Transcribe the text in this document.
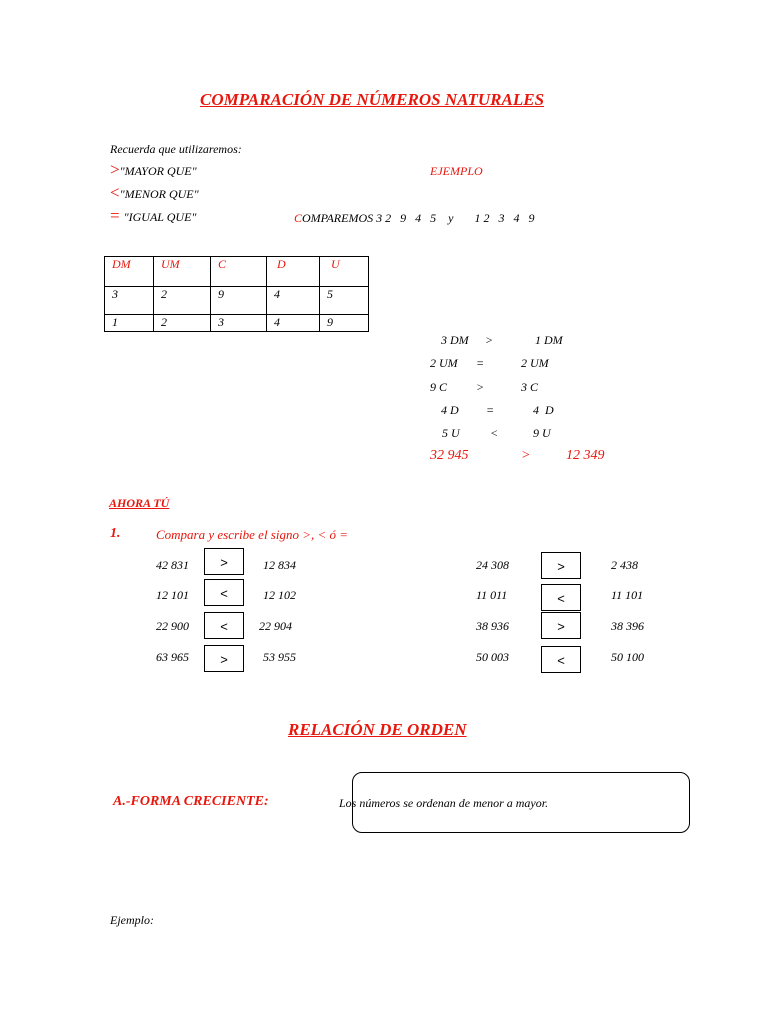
COMPARACIÓN DE NÚMEROS NATURALES
Recuerda que utilizaremos:
>"MAYOR QUE"
<"MENOR QUE"
= "IGUAL QUE"
EJEMPLO
COMPAREMOS 3 2   9   4   5    y       1 2   3   4   9
DM	UM	C	D	U
3	2	9	4	5
1	2	3	4	9
3 DM >	1 DM
2 UM =	2 UM
9 C >	3 C
4 D =	4  D
5 U	<	9 U
32 945	>	12 349
AHORA TÚ
1.	Compara y escribe el signo >, < ó =
42 831	>	12 834
12 101	<	12 102
22 900	<	22 904
63 965	>	53 955
24 308	>	2 438
11 011	<	11 101
38 936	>	38 396
50 003	<	50 100
RELACIÓN DE ORDEN
A.-FORMA CRECIENTE:	Los números se ordenan de menor a mayor.
Ejemplo:
